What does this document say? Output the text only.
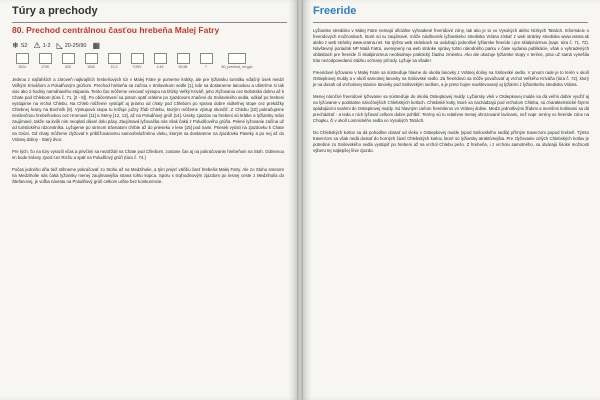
Túry a prechody
80. Prechod centrálnou časťou hrebeňa Malej Fatry
❄ S2 ⚠ 1-2 ◺ 20-25/90 ▦
1524	1709	620	1530	10,3	7/25V	1:45	63,66	7	80_prechod_mf.gpx

Jednou z najľahších a zároveň najkrajších hrebeňových túr v Malej Fatre je pomerne krátky, ale pre lyžiarsku turistiku vďačný úsek medzi Veľkým Kriváňom a Poludňovým grúňom. Prechod hrebeňa sa začína v Snilovskom sedle [1], kde sa dostaneme lanovkou a ušetríme si tak viac ako 2 hodiny namáhavého stúpania. Tento čas môžeme venovať výstupu na blízky Veľký Kriváň, jeho zlyžovaniu cez Bobotskú dolinu až k Chate pod Chlebom (túra č. 71, [2 - 8]). Po občerstvení sa potom opäť vrátime po zjazdovom značení do Snilovského sedla, odkiaľ po hrebeni vystúpime na vrchol Chlebu. Na Chleb môžeme vystúpiť aj priamo od chaty pod Chlebom po sprava dobre viditeľnej stope cez prekážky Chlebnej hrany na Bochník [9]. Výstupová stopa tu križuje južný žľab Chlebu, ktorým môžeme výstup skončiť. Z Chlebu [10] pokračujeme nenáročnou hrebeňovkou cez Hromové [11] a Steny [12, 13], až na Poludňový grúň [14]. Úseky zjazdov na hrebeni sú krátke a lyžiarsky málo zaujímavé, takže sa kvôli nim neoplatí dávať dolu pásy. Zaujímavá lyžovačka nás však čaká z Poludňového grúňa. Pekné lyžovanie začína už od turistického rázcestníka. Lyžujeme po strmom trávnatom chrbte až do prieseku v lese [15] pod nami. Priesek vyústi na zjazdovku k Chate na Grúni. Od chaty môžeme zlyžovať k priblížovaciemu samoobslužnému vleku, ktorým sa dostaneme na zjazdovku Paseky a po nej až do Vrátnej doliny - Starý dvor.

Pre tých, čo na túry vyrazili včas a privčimi sa nezdržali na Chate pod Chlebom, zostane čas aj na pokračovanie hrebeňom na Stoh. Odmenou im bude krásny zjazd cez Rizňu a späť na Poludňový grúň (túra č. 74.)

Počas jedného dňa tiež stihneme pokračovať zo Stohu až na Medziholie, a tým prejsť väčšiu časť hrebeňa Malej Fatry. Ale zo Stohu smerom na Medziholie nás čaká lyžiarsky menej zaujímavejšia strana tohto kopca. Spolu s trojhodinovým zjazdom po lesnej ceste z Medziholia do Štefanovej, je voľba návratu na Poludňový grúň celkom určite bez konkurencie.

Freeride

Lyžiarske stredisko v Malej Fatre nemajú oficiálne vyhradené freeridové zóny, tak ako je to vo Vysokých alebo Nízkych Tatrách. Informácie o freeridových možnostiach, ktoré sú tu zaujímavé, môže návštevník lyžiarskeho strediska Vrátna získať z web stránky strediska www.vratna.sk alebo z web stránky www.vratna.net. Na týchto web stránkach sa uvádzajú jednotlivé lyžiarske freeride i pre skialpinizmus (napr. túra č. 71, 72). Návštevný poriadok NP Malá Fatra, uverejnený na web stránke správy tohto národného parku v čase vydania publikácie, však o vyhradených oblastiach pre freeride či skialpinizmus neobsahuje praktický žiadnu zmienku. Ako ale ukazuje lyžiarske stopy v teréne, prax už samá vyriešila túto nezodpovedanú otázku ochrany prírody. Lyžuje sa všade!

Freeridové lyžovanie v Malej Fatre sa sústreďuje hlavne do okolia lanovky z Vrátnej doliny na Snilovské sedlo. V prvom rade je to terén v okolí Ostiepkovej muldy a v okolí samotnej lanovky na Snilovské sedlo. Za freeridovú sa môže považovať aj vrchol Veľkého Kriváňa (túra č. 72), ktorý je na dosah od vrcholovej stanice lanovky pod Snilovským sedlom, a je preto hojne navštevovaný aj lyžiarmi z lyžiarskeho strediska Vrátna.

Menej náročné freeridové lyžovanie sa sústreďuje do okolia Ostiepkovej muldy. Lyžiarsky vlek v Ostiepkovej mulde sa dá veľmi dobre využiť aj na lyžovanie v podstatne náročnejších Chlebských kotloch. Chlebské kotly, ktoré sa nachádzajú pod vrcholom Chleba, sú charakteristické štyrmi spádajúcimi svahmi do Ostiepkovej muldy. Sú hlavným cieľom freeriderov vo Vrátnej doline. Medzi jednotlivými žľabmi a menšími kotlinami sa dá prechádzať - a teda v nich lyžovať celkom dobre pohlbiť. Terény sú tu relatívne menej ohrozované lavínami, než napr. terény vo freeride zóne na Chopku, či v okolí Lomnického sedla vo Vysokých Tatrách.

Do Chlebských kotlov sa dá pohodlne dostať od vleku v Ostiepkovej mulde (spod Snilovského sedla) přímým traverzom popod hrebeň. Týmto traverzom sa však nedá dostať do horných častí Chlebských kotlov, ktoré sú lyžiarsky atraktívnejšia. Pre zlyžovanie celých Chlebských kotlov je potrebné zo Snilovského sedla vystúpiť po hrebeni až na vrchol Chlebu pešo. Z hrebeňa, i z vrcholu samotného, sa otvárajú široké možnosti výberu tej najlepšej línie zjazdu.
